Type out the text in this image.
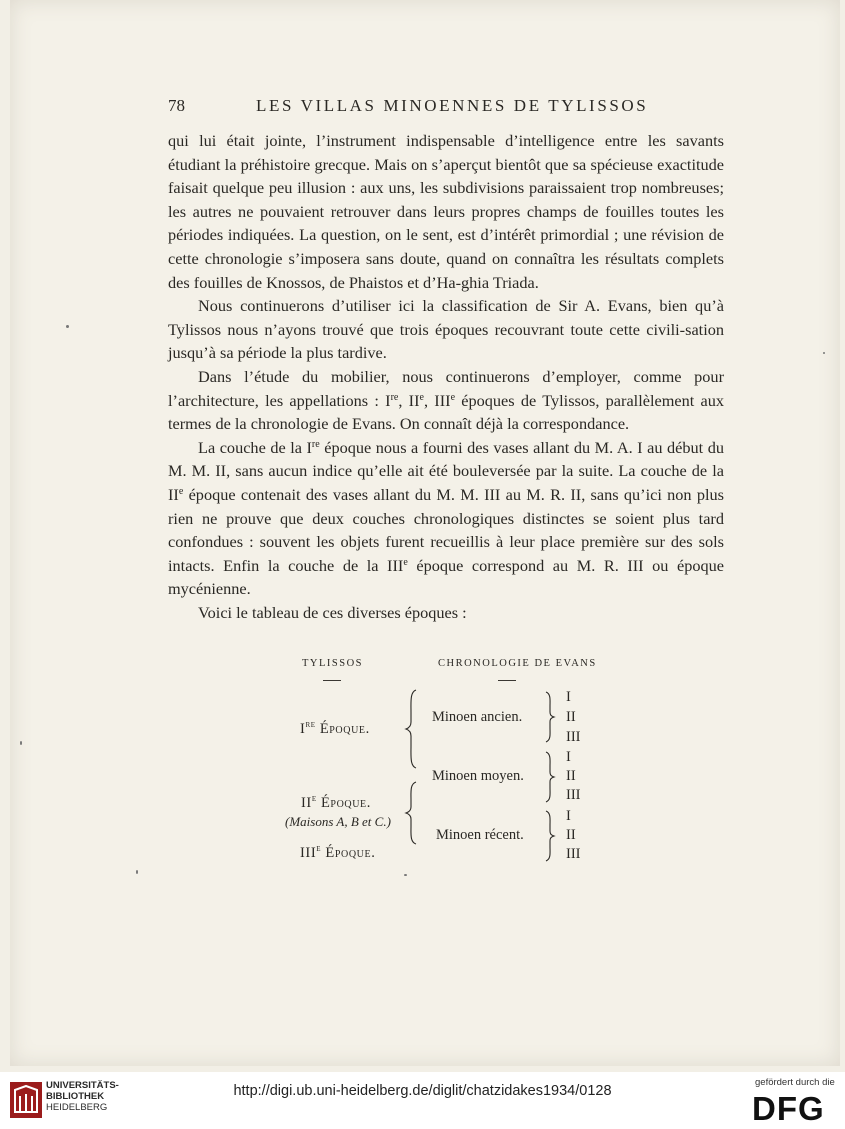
78	LES VILLAS MINOENNES DE TYLISSOS

qui lui était jointe, l’instrument indispensable d’intelligence entre les savants étudiant la préhistoire grecque. Mais on s’aperçut bientôt que sa spécieuse exactitude faisait quelque peu illusion : aux uns, les subdivisions paraissaient trop nombreuses; les autres ne pouvaient retrouver dans leurs propres champs de fouilles toutes les périodes indiquées. La question, on le sent, est d’intérêt primordial ; une révision de cette chronologie s’imposera sans doute, quand on connaîtra les résultats complets des fouilles de Knossos, de Phaistos et d’Ha-ghia Triada.

Nous continuerons d’utiliser ici la classification de Sir A. Evans, bien qu’à Tylissos nous n’ayons trouvé que trois époques recouvrant toute cette civili-sation jusqu’à sa période la plus tardive.

Dans l’étude du mobilier, nous continuerons d’employer, comme pour l’architecture, les appellations : Ire, IIe, IIIe époques de Tylissos, parallèlement aux termes de la chronologie de Evans. On connaît déjà la correspondance.

La couche de la Ire époque nous a fourni des vases allant du M. A. I au début du M. M. II, sans aucun indice qu’elle ait été bouleversée par la suite. La couche de la IIe époque contenait des vases allant du M. M. III au M. R. II, sans qu’ici non plus rien ne prouve que deux couches chronologiques distinctes se soient plus tard confondues : souvent les objets furent recueillis à leur place première sur des sols intacts. Enfin la couche de la IIIe époque correspond au M. R. III ou époque mycénienne.

Voici le tableau de ces diverses époques :

TYLISSOS	CHRONOLOGIE DE EVANS
Ire Époque.
IIe Époque.
(Maisons A, B et C.)
IIIe Époque.
Minoen ancien.
Minoen moyen.
Minoen récent.
I
II
III
I
II
III
I
II
III
UNIVERSITÄTS-
BIBLIOTHEK
HEIDELBERG
http://digi.ub.uni-heidelberg.de/diglit/chatzidakes1934/0128
gefördert durch die
DFG
